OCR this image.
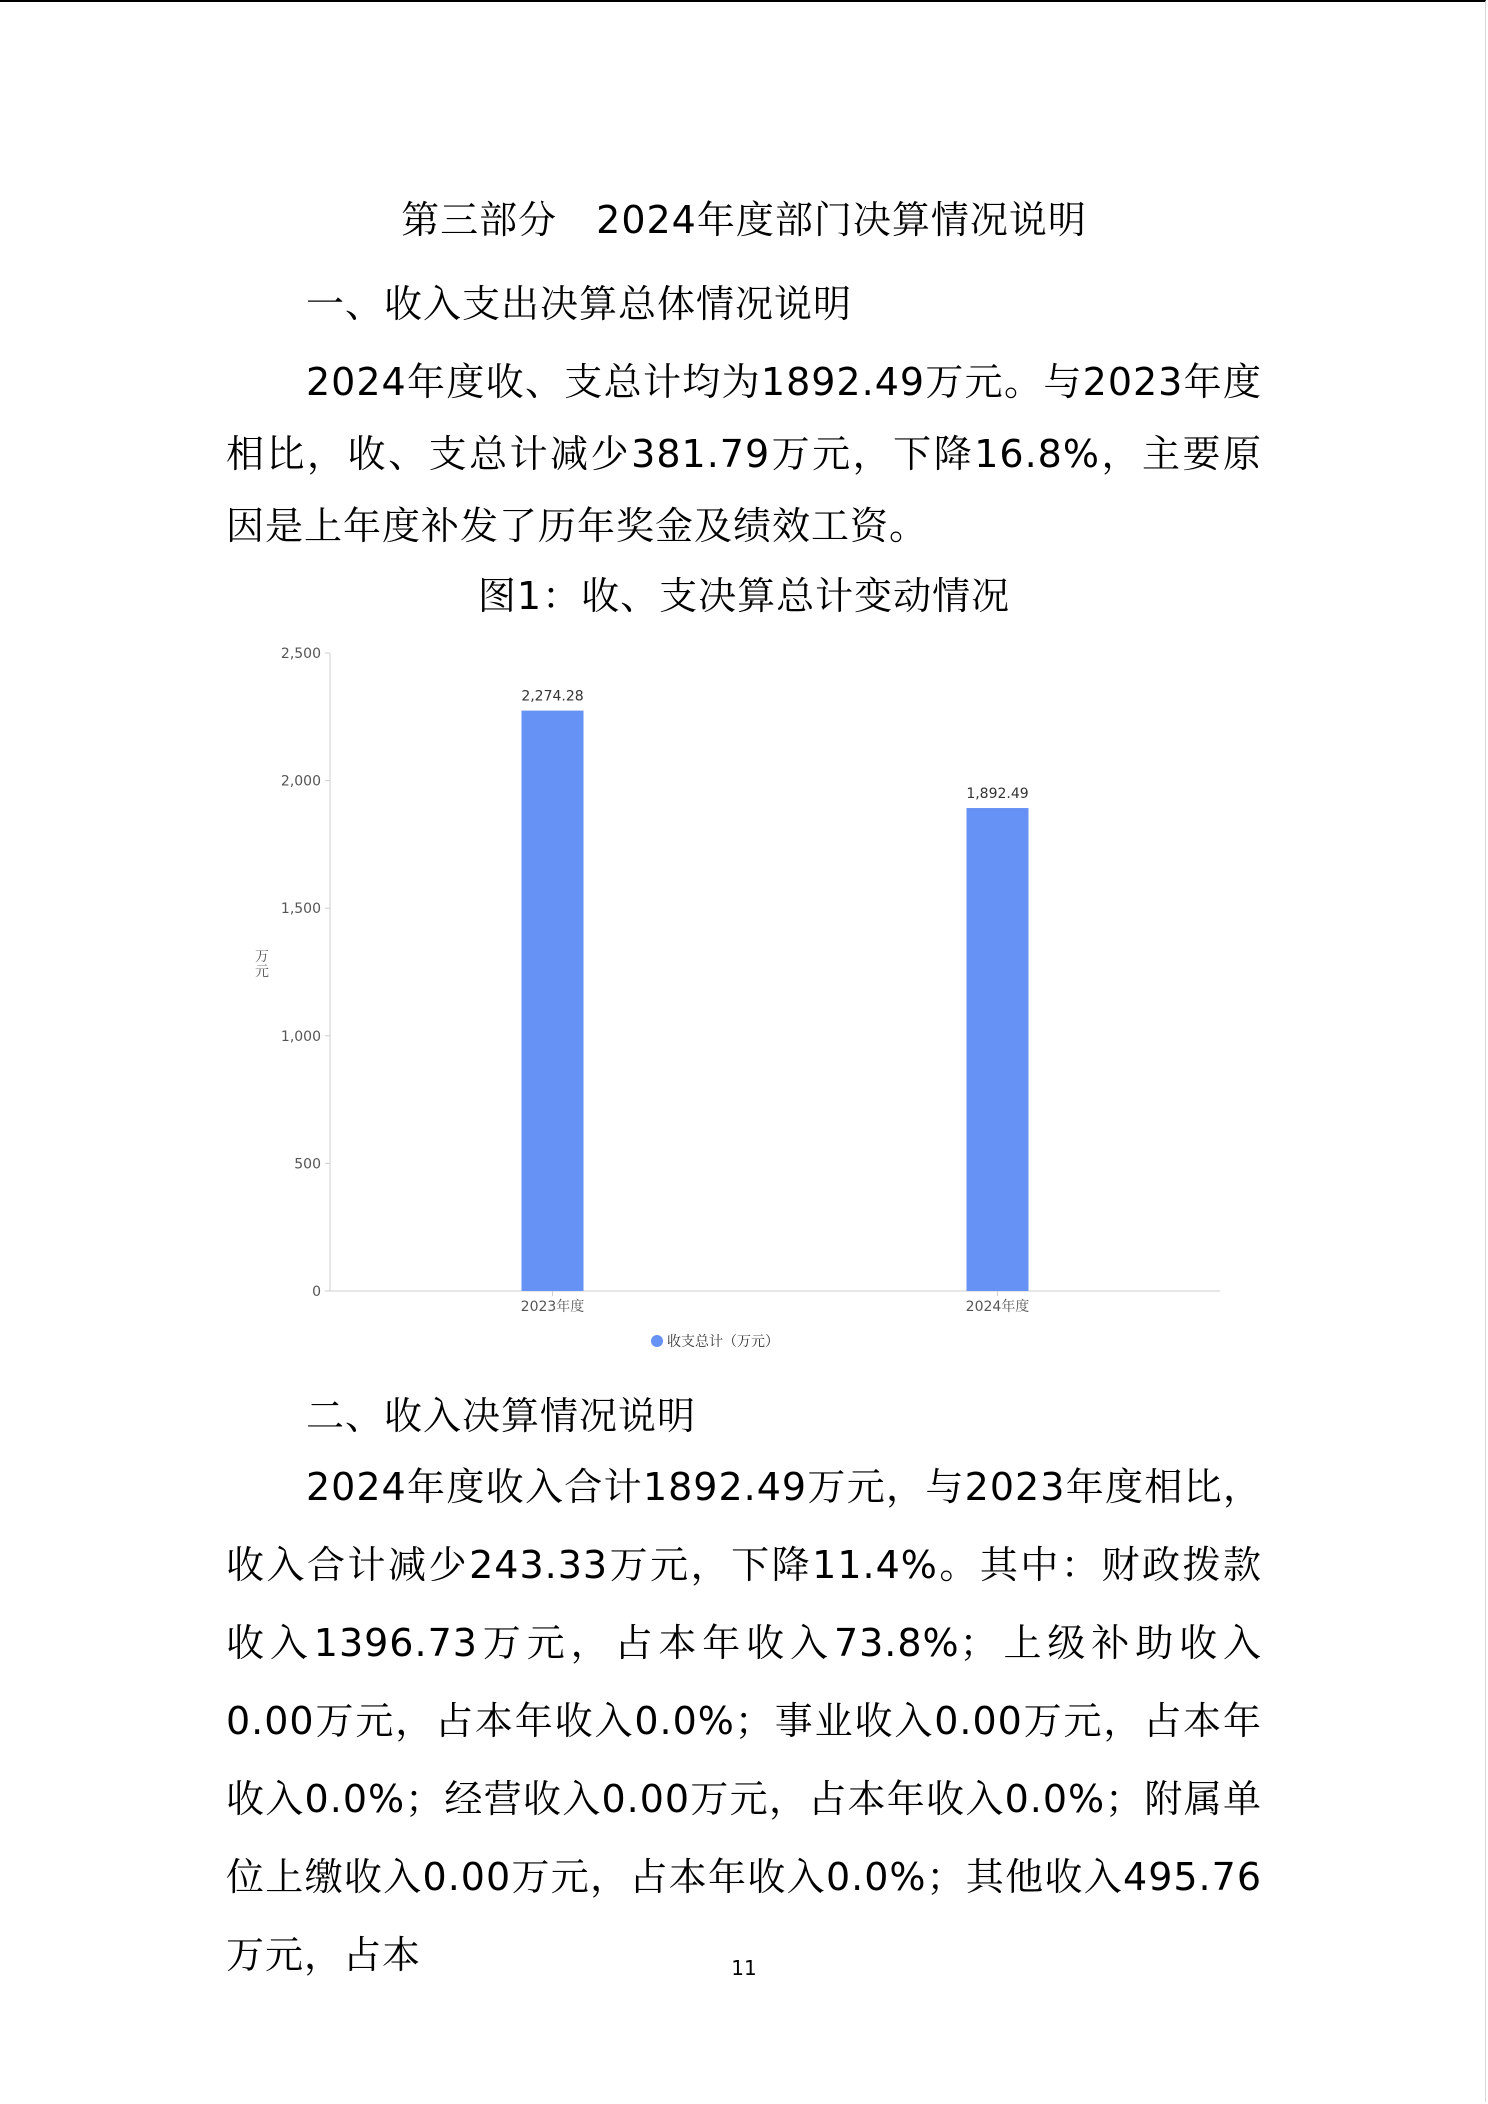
第三部分　2024年度部门决算情况说明
一、收入支出决算总体情况说明
2024年度收、支总计均为1892.49万元。与2023年度相比，收、支总计减少381.79万元，下降16.8%，主要原因是上年度补发了历年奖金及绩效工资。
图1：收、支决算总计变动情况
0
500
1,000
1,500
2,000
2,500
万
元
2,274.28
2023年度
1,892.49
2024年度
收支总计（万元）
二、收入决算情况说明
2024年度收入合计1892.49万元，与2023年度相比，收入合计减少243.33万元，下降11.4%。其中：财政拨款收入1396.73万元，占本年收入73.8%；上级补助收入0.00万元，占本年收入0.0%；事业收入0.00万元，占本年收入0.0%；经营收入0.00万元，占本年收入0.0%；附属单位上缴收入0.00万元，占本年收入0.0%；其他收入495.76万元，占本	11
